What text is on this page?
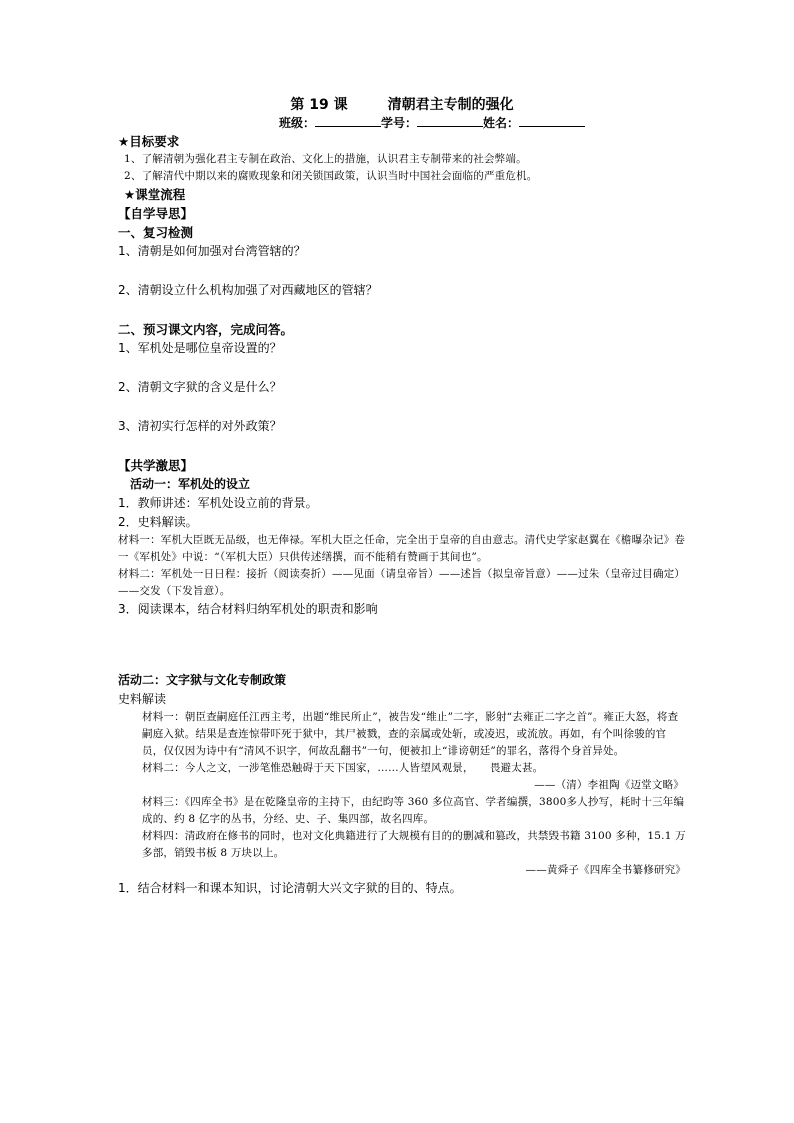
第 19 课	清朝君主专制的强化
班级：	学号：	姓名：
★目标要求
1、了解清朝为强化君主专制在政治、文化上的措施，认识君主专制带来的社会弊端。
2、了解清代中期以来的腐败现象和闭关锁国政策，认识当时中国社会面临的严重危机。
★课堂流程
【自学导思】
一、复习检测
1、清朝是如何加强对台湾管辖的？
2、清朝设立什么机构加强了对西藏地区的管辖？
二、预习课文内容，完成问答。
1、军机处是哪位皇帝设置的？
2、清朝文字狱的含义是什么？
3、清初实行怎样的对外政策？
【共学激思】
活动一：军机处的设立
1．教师讲述：军机处设立前的背景。
2．史料解读。
材料一：军机大臣既无品级，也无俸禄。军机大臣之任命，完全出于皇帝的自由意志。清代史学家赵翼在《檐曝杂记》卷一《军机处》中说：“（军机大臣）只供传述缮撰，而不能稍有赞画于其间也”。
材料二：军机处一日日程：接折（阅读奏折）——见面（请皇帝旨）——述旨（拟皇帝旨意）——过朱（皇帝过目确定）——交发（下发旨意）。
3．阅读课本，结合材料归纳军机处的职责和影响
活动二：文字狱与文化专制政策
史料解读
材料一：朝臣查嗣庭任江西主考，出题“维民所止”，被告发“维止”二字，影射“去雍正二字之首”。雍正大怒，将查嗣庭入狱。结果是查连惊带吓死于狱中，其尸被戮，查的亲属或处斩，或凌迟，或流放。再如，有个叫徐骏的官员，仅仅因为诗中有“清风不识字，何故乱翻书”一句，便被扣上“诽谤朝廷”的罪名，落得个身首异处。
材料二：今人之文，一涉笔惟恐触碍于天下国家，……人皆望风观景，　　畏避太甚。
——（清）李祖陶《迈堂文略》
材料三：《四库全书》是在乾隆皇帝的主持下，由纪昀等 360 多位高官、学者编撰，3800多人抄写，耗时十三年编成的、约 8 亿字的丛书，分经、史、子、集四部，故名四库。
材料四：清政府在修书的同时，也对文化典籍进行了大规模有目的的删减和篡改，共禁毁书籍 3100 多种，15.1 万多部，销毁书板 8 万块以上。
——黄舜子《四库全书纂修研究》
1．结合材料一和课本知识，讨论清朝大兴文字狱的目的、特点。
